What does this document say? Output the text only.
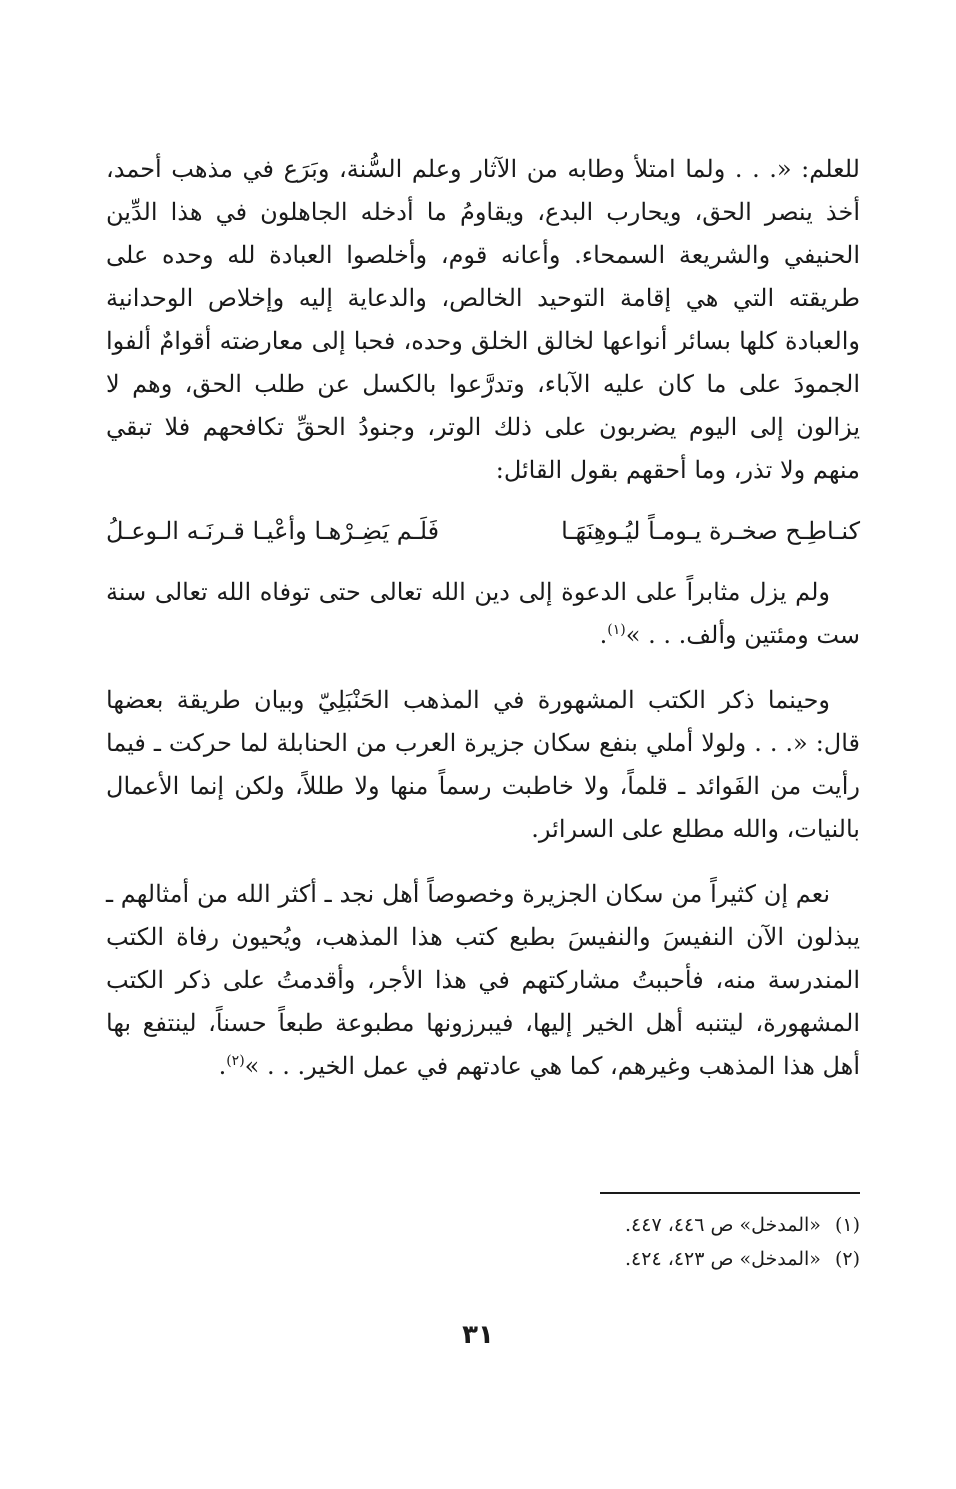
للعلم: «. . . ولما امتلأ وطابه من الآثار وعلم السُّنة، وبَرَع في مذهب أحمد، أخذ ينصر الحق، ويحارب البدع، ويقاومُ ما أدخله الجاهلون في هذا الدِّين الحنيفي والشريعة السمحاء. وأعانه قوم، وأخلصوا العبادة لله وحده على طريقته التي هي إقامة التوحيد الخالص، والدعاية إليه وإخلاص الوحدانية والعبادة كلها بسائر أنواعها لخالق الخلق وحده، فحبا إلى معارضته أقوامٌ ألفوا الجمودَ على ما كان عليه الآباء، وتدرَّعوا بالكسل عن طلب الحق، وهم لا يزالون إلى اليوم يضربون على ذلك الوتر، وجنودُ الحقِّ تكافحهم فلا تبقي منهم ولا تذر، وما أحقهم بقول القائل:

كنـاطِـح صخـرة يـومـاً ليُـوهِنَهَـا
فَلَـم يَضِـرْهـا وأعْيـا قـرنَـه الـوعـلُ

ولم يزل مثابراً على الدعوة إلى دين الله تعالى حتى توفاه الله تعالى سنة ست ومئتين وألف. . . »$^{(١)}$.

وحينما ذكر الكتب المشهورة في المذهب الحَنْبَلِيّ وبيان طريقة بعضها قال: «. . . ولولا أملي بنفع سكان جزيرة العرب من الحنابلة لما حركت ـ فيما رأيت من الفَوائد ـ قلماً، ولا خاطبت رسماً منها ولا طللاً، ولكن إنما الأعمال بالنيات، والله مطلع على السرائر.

نعم إن كثيراً من سكان الجزيرة وخصوصاً أهل نجد ـ أكثر الله من أمثالهم ـ يبذلون الآن النفيسَ والنفيسَ بطبع كتب هذا المذهب، ويُحيون رفاة الكتب المندرسة منه، فأحببتُ مشاركتهم في هذا الأجر، وأقدمتُ على ذكر الكتب المشهورة، ليتنبه أهل الخير إليها، فيبرزونها مطبوعة طبعاً حسناً، لينتفع بها أهل هذا المذهب وغيرهم، كما هي عادتهم في عمل الخير. . . »$^{(٢)}$.

(١)
«المدخل» ص ٤٤٦، ٤٤٧.
(٢)
«المدخل» ص ٤٢٣، ٤٢٤.
٣١
